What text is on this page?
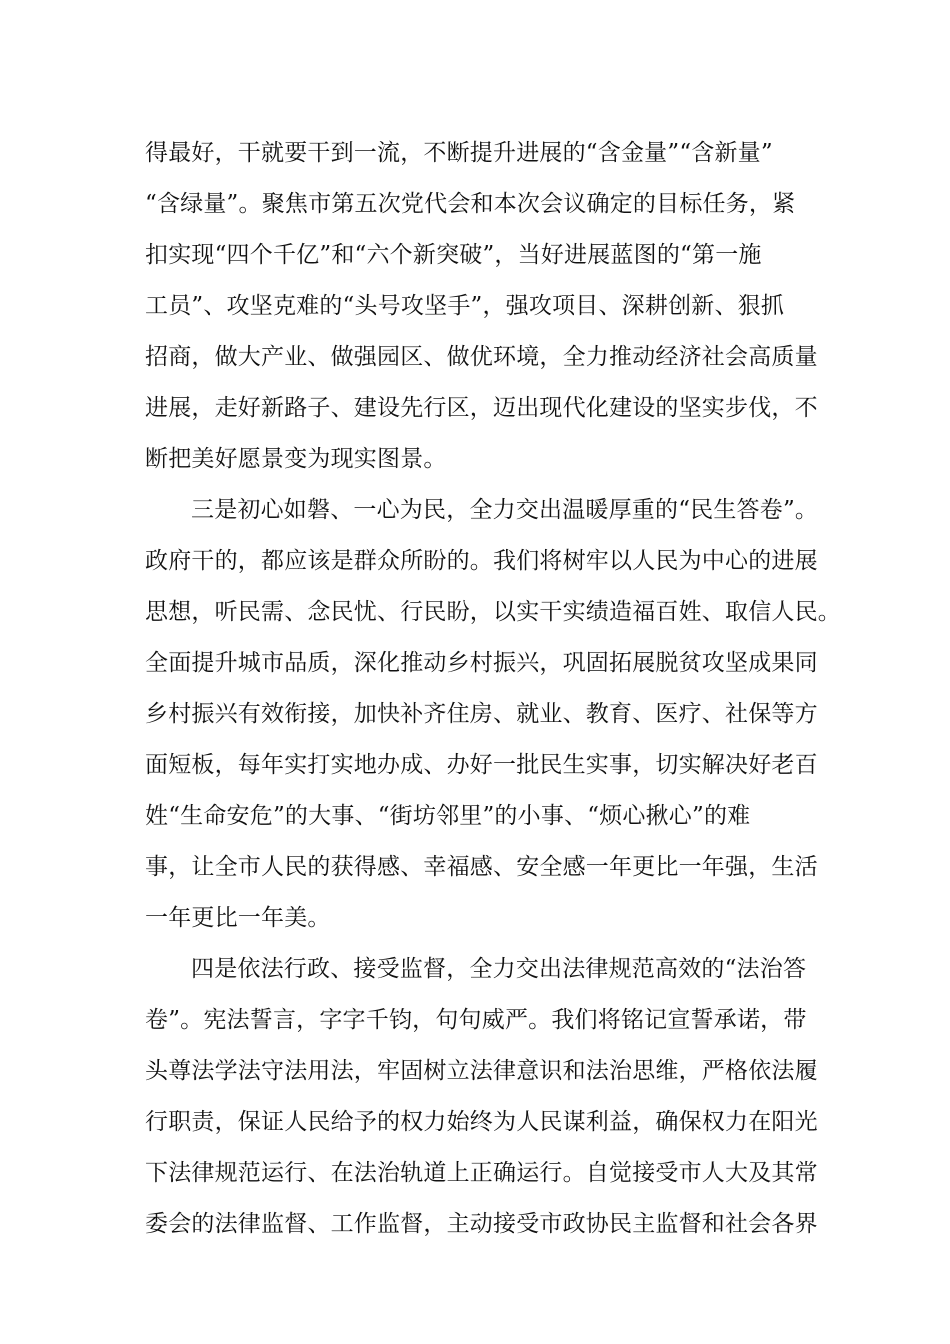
得最好，干就要干到一流，不断提升进展的“含金量”“含新量”
“含绿量”。聚焦市第五次党代会和本次会议确定的目标任务，紧
扣实现“四个千亿”和“六个新突破”，当好进展蓝图的“第一施
工员”、攻坚克难的“头号攻坚手”，强攻项目、深耕创新、狠抓
招商，做大产业、做强园区、做优环境，全力推动经济社会高质量
进展，走好新路子、建设先行区，迈出现代化建设的坚实步伐，不
断把美好愿景变为现实图景。
三是初心如磐、一心为民，全力交出温暖厚重的“民生答卷”。
政府干的，都应该是群众所盼的。我们将树牢以人民为中心的进展
思想，听民需、念民忧、行民盼，以实干实绩造福百姓、取信人民。
全面提升城市品质，深化推动乡村振兴，巩固拓展脱贫攻坚成果同
乡村振兴有效衔接，加快补齐住房、就业、教育、医疗、社保等方
面短板，每年实打实地办成、办好一批民生实事，切实解决好老百
姓“生命安危”的大事、“街坊邻里”的小事、“烦心揪心”的难
事，让全市人民的获得感、幸福感、安全感一年更比一年强，生活
一年更比一年美。
四是依法行政、接受监督，全力交出法律规范高效的“法治答
卷”。宪法誓言，字字千钧，句句威严。我们将铭记宣誓承诺，带
头尊法学法守法用法，牢固树立法律意识和法治思维，严格依法履
行职责，保证人民给予的权力始终为人民谋利益，确保权力在阳光
下法律规范运行、在法治轨道上正确运行。自觉接受市人大及其常
委会的法律监督、工作监督，主动接受市政协民主监督和社会各界
